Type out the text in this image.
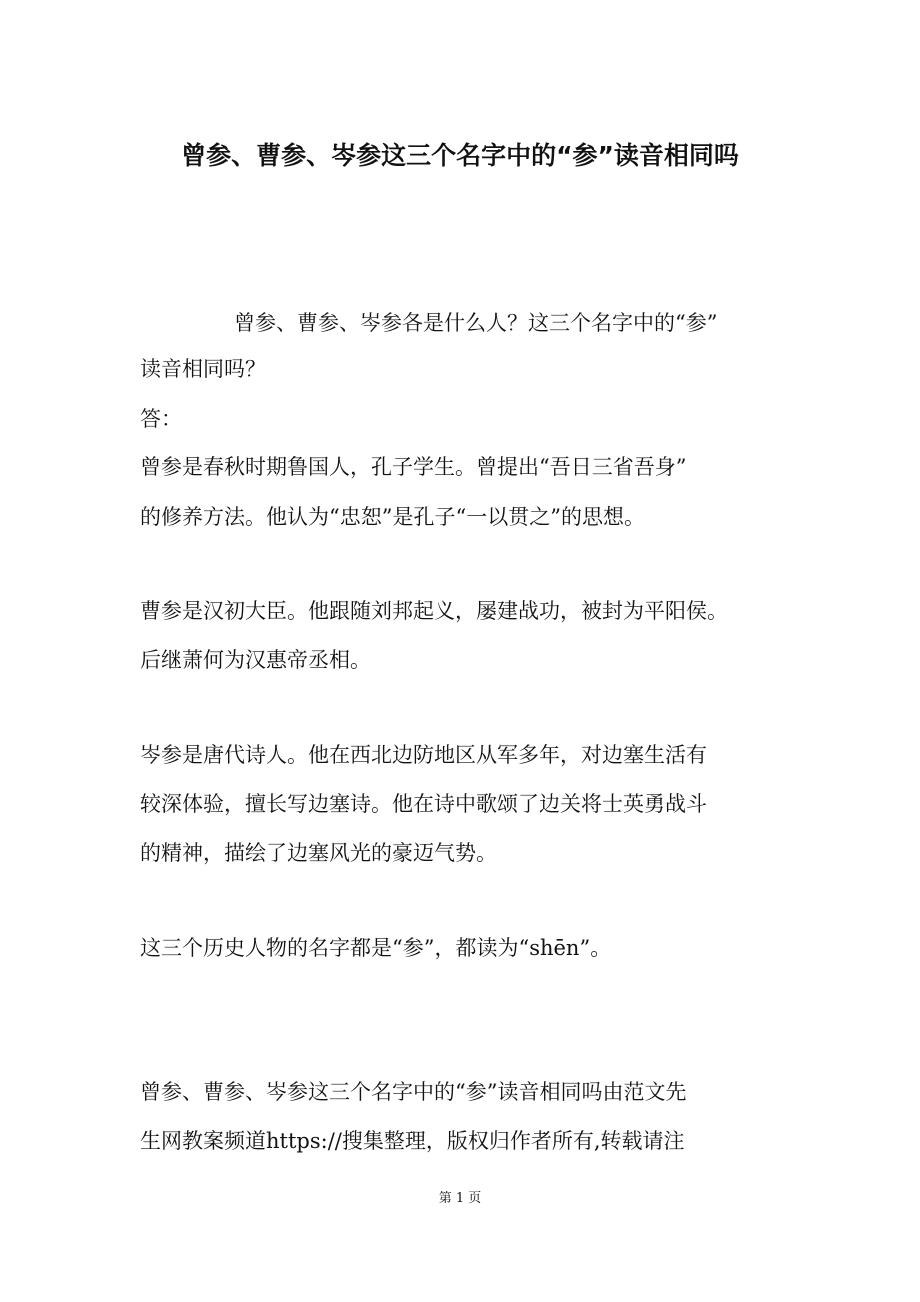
曾参、曹参、岑参这三个名字中的“参”读音相同吗

曾参、曹参、岑参各是什么人？这三个名字中的“参”

读音相同吗？

答：

曾参是春秋时期鲁国人，孔子学生。曾提出“吾日三省吾身”

的修养方法。他认为“忠恕”是孔子“一以贯之”的思想。

曹参是汉初大臣。他跟随刘邦起义，屡建战功，被封为平阳侯。

后继萧何为汉惠帝丞相。

岑参是唐代诗人。他在西北边防地区从军多年，对边塞生活有

较深体验，擅长写边塞诗。他在诗中歌颂了边关将士英勇战斗

的精神，描绘了边塞风光的豪迈气势。

这三个历史人物的名字都是“参”，都读为“shēn”。

曾参、曹参、岑参这三个名字中的“参”读音相同吗由范文先

生网教案频道https://搜集整理，版权归作者所有,转载请注

第 1 页
